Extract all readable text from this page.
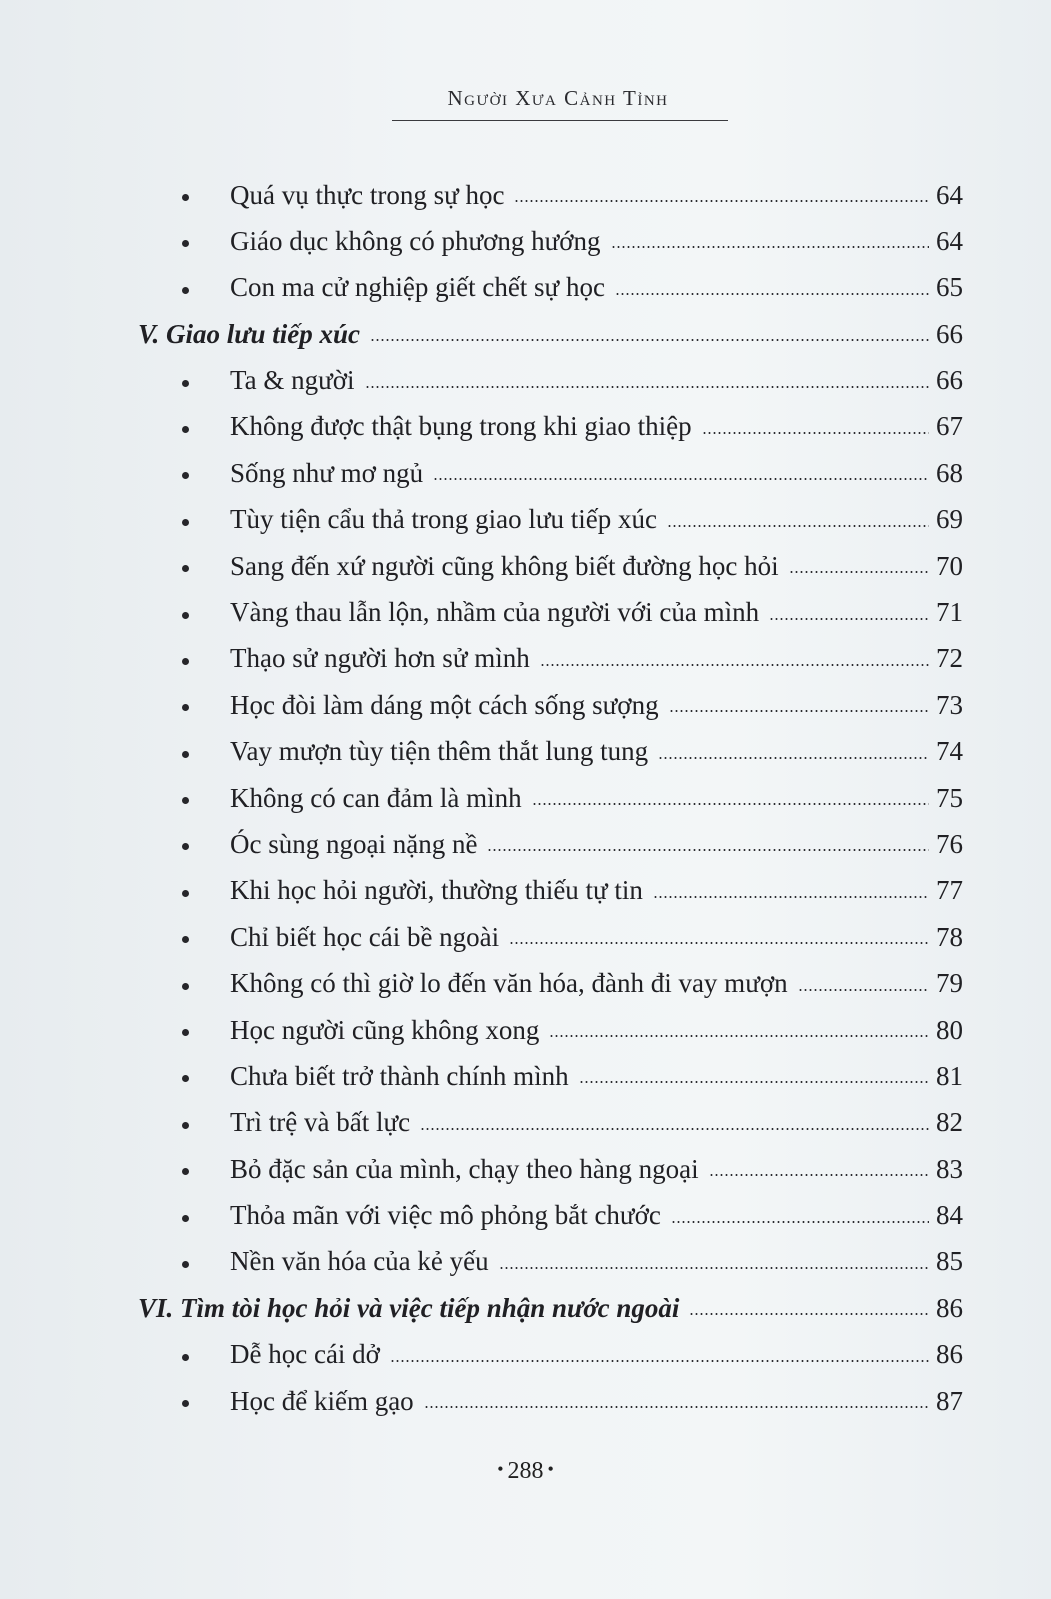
Người Xưa Cảnh Tỉnh
Quá vụ thực trong sự học	64
Giáo dục không có phương hướng	64
Con ma cử nghiệp giết chết sự học	65
V. Giao lưu tiếp xúc	66
Ta & người	66
Không được thật bụng trong khi giao thiệp	67
Sống như mơ ngủ	68
Tùy tiện cẩu thả trong giao lưu tiếp xúc	69
Sang đến xứ người cũng không biết đường học hỏi	70
Vàng thau lẫn lộn, nhầm của người với của mình	71
Thạo sử người hơn sử mình	72
Học đòi làm dáng một cách sống sượng	73
Vay mượn tùy tiện thêm thắt lung tung	74
Không có can đảm là mình	75
Óc sùng ngoại nặng nề	76
Khi học hỏi người, thường thiếu tự tin	77
Chỉ biết học cái bề ngoài	78
Không có thì giờ lo đến văn hóa, đành đi vay mượn	79
Học người cũng không xong	80
Chưa biết trở thành chính mình	81
Trì trệ và bất lực	82
Bỏ đặc sản của mình, chạy theo hàng ngoại	83
Thỏa mãn với việc mô phỏng bắt chước	84
Nền văn hóa của kẻ yếu	85
VI. Tìm tòi học hỏi và việc tiếp nhận nước ngoài	86
Dễ học cái dở	86
Học để kiếm gạo	87
• 288 •
